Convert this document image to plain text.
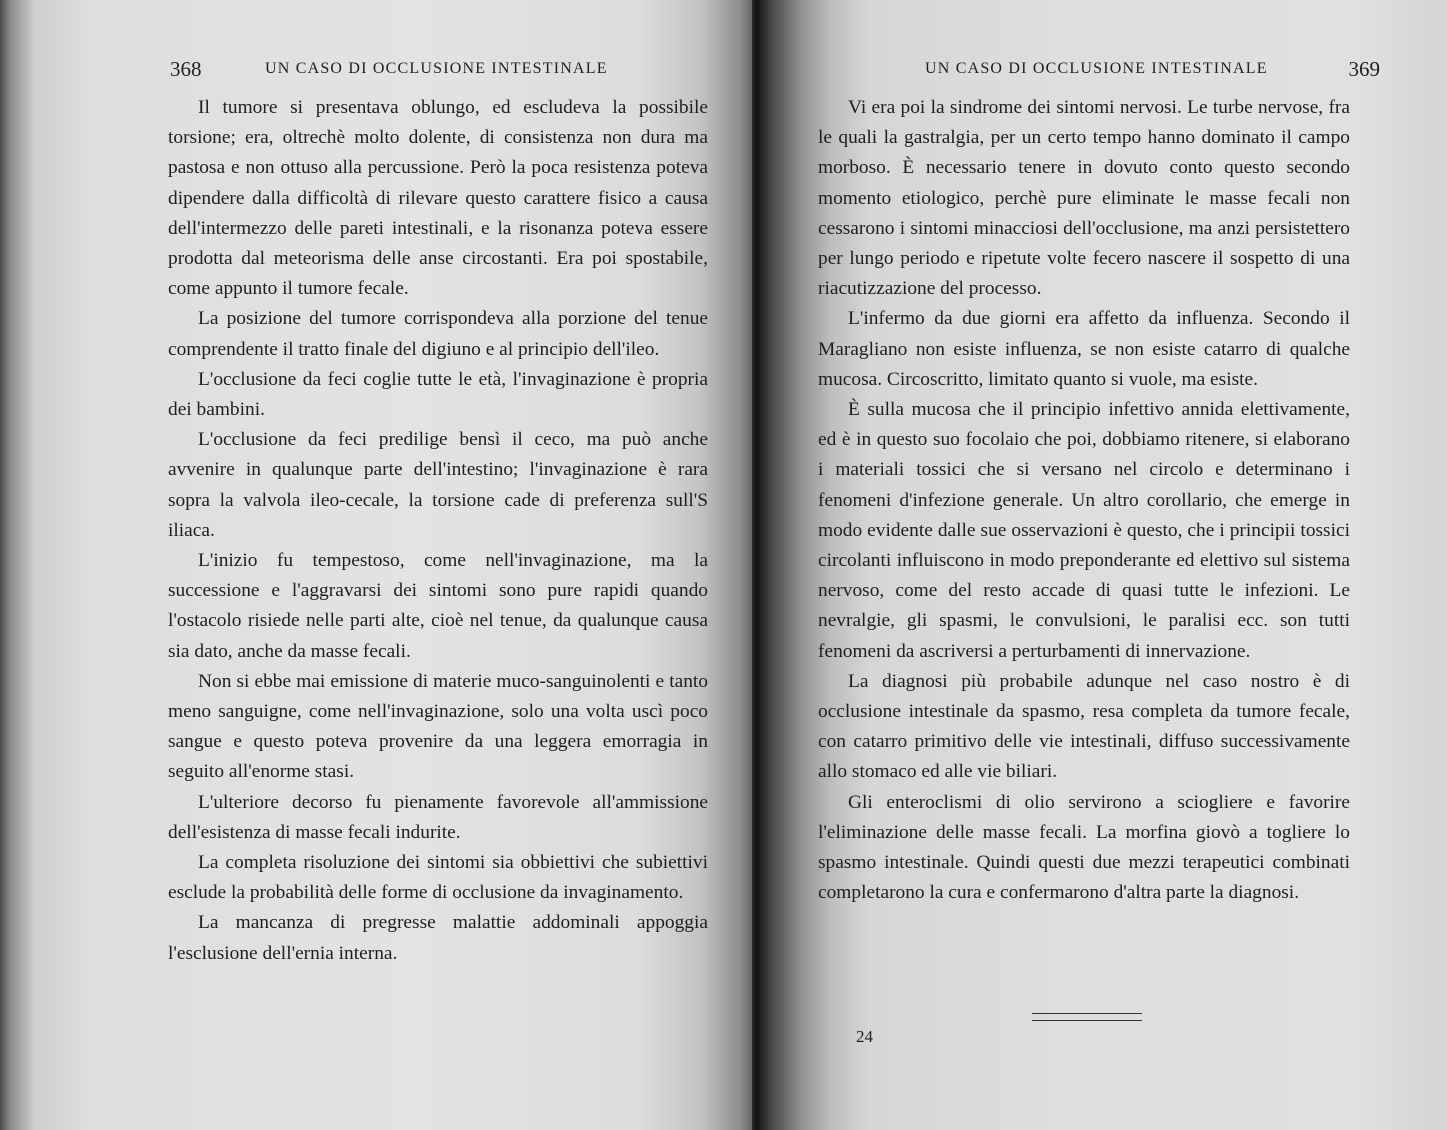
368	UN CASO DI OCCLUSIONE INTESTINALE

Il tumore si presentava oblungo, ed escludeva la possibile torsione; era, oltrechè molto dolente, di consistenza non dura ma pastosa e non ottuso alla percussione. Però la poca resistenza poteva dipendere dalla difficoltà di rilevare questo carattere fisico a causa dell'intermezzo delle pareti intestinali, e la risonanza poteva essere prodotta dal meteorisma delle anse circostanti. Era poi spostabile, come appunto il tumore fecale.

La posizione del tumore corrispondeva alla porzione del tenue comprendente il tratto finale del digiuno e al principio dell'ileo.

L'occlusione da feci coglie tutte le età, l'invaginazione è propria dei bambini.

L'occlusione da feci predilige bensì il ceco, ma può anche avvenire in qualunque parte dell'intestino; l'invaginazione è rara sopra la valvola ileo-cecale, la torsione cade di preferenza sull'S iliaca.

L'inizio fu tempestoso, come nell'invaginazione, ma la successione e l'aggravarsi dei sintomi sono pure rapidi quando l'ostacolo risiede nelle parti alte, cioè nel tenue, da qualunque causa sia dato, anche da masse fecali.

Non si ebbe mai emissione di materie muco-sanguinolenti e tanto meno sanguigne, come nell'invaginazione, solo una volta uscì poco sangue e questo poteva provenire da una leggera emorragia in seguito all'enorme stasi.

L'ulteriore decorso fu pienamente favorevole all'ammissione dell'esistenza di masse fecali indurite.

La completa risoluzione dei sintomi sia obbiettivi che subiettivi esclude la probabilità delle forme di occlusione da invaginamento.

La mancanza di pregresse malattie addominali appoggia l'esclusione dell'ernia interna.

UN CASO DI OCCLUSIONE INTESTINALE	369

Vi era poi la sindrome dei sintomi nervosi. Le turbe nervose, fra le quali la gastralgia, per un certo tempo hanno dominato il campo morboso. È necessario tenere in dovuto conto questo secondo momento etiologico, perchè pure eliminate le masse fecali non cessarono i sintomi minacciosi dell'occlusione, ma anzi persistettero per lungo periodo e ripetute volte fecero nascere il sospetto di una riacutizzazione del processo.

L'infermo da due giorni era affetto da influenza. Secondo il Maragliano non esiste influenza, se non esiste catarro di qualche mucosa. Circoscritto, limitato quanto si vuole, ma esiste.

È sulla mucosa che il principio infettivo annida elettivamente, ed è in questo suo focolaio che poi, dobbiamo ritenere, si elaborano i materiali tossici che si versano nel circolo e determinano i fenomeni d'infezione generale. Un altro corollario, che emerge in modo evidente dalle sue osservazioni è questo, che i principii tossici circolanti influiscono in modo preponderante ed elettivo sul sistema nervoso, come del resto accade di quasi tutte le infezioni. Le nevralgie, gli spasmi, le convulsioni, le paralisi ecc. son tutti fenomeni da ascriversi a perturbamenti di innervazione.

La diagnosi più probabile adunque nel caso nostro è di occlusione intestinale da spasmo, resa completa da tumore fecale, con catarro primitivo delle vie intestinali, diffuso successivamente allo stomaco ed alle vie biliari.

Gli enteroclismi di olio servirono a sciogliere e favorire l'eliminazione delle masse fecali. La morfina giovò a togliere lo spasmo intestinale. Quindi questi due mezzi terapeutici combinati completarono la cura e confermarono d'altra parte la diagnosi.

24
